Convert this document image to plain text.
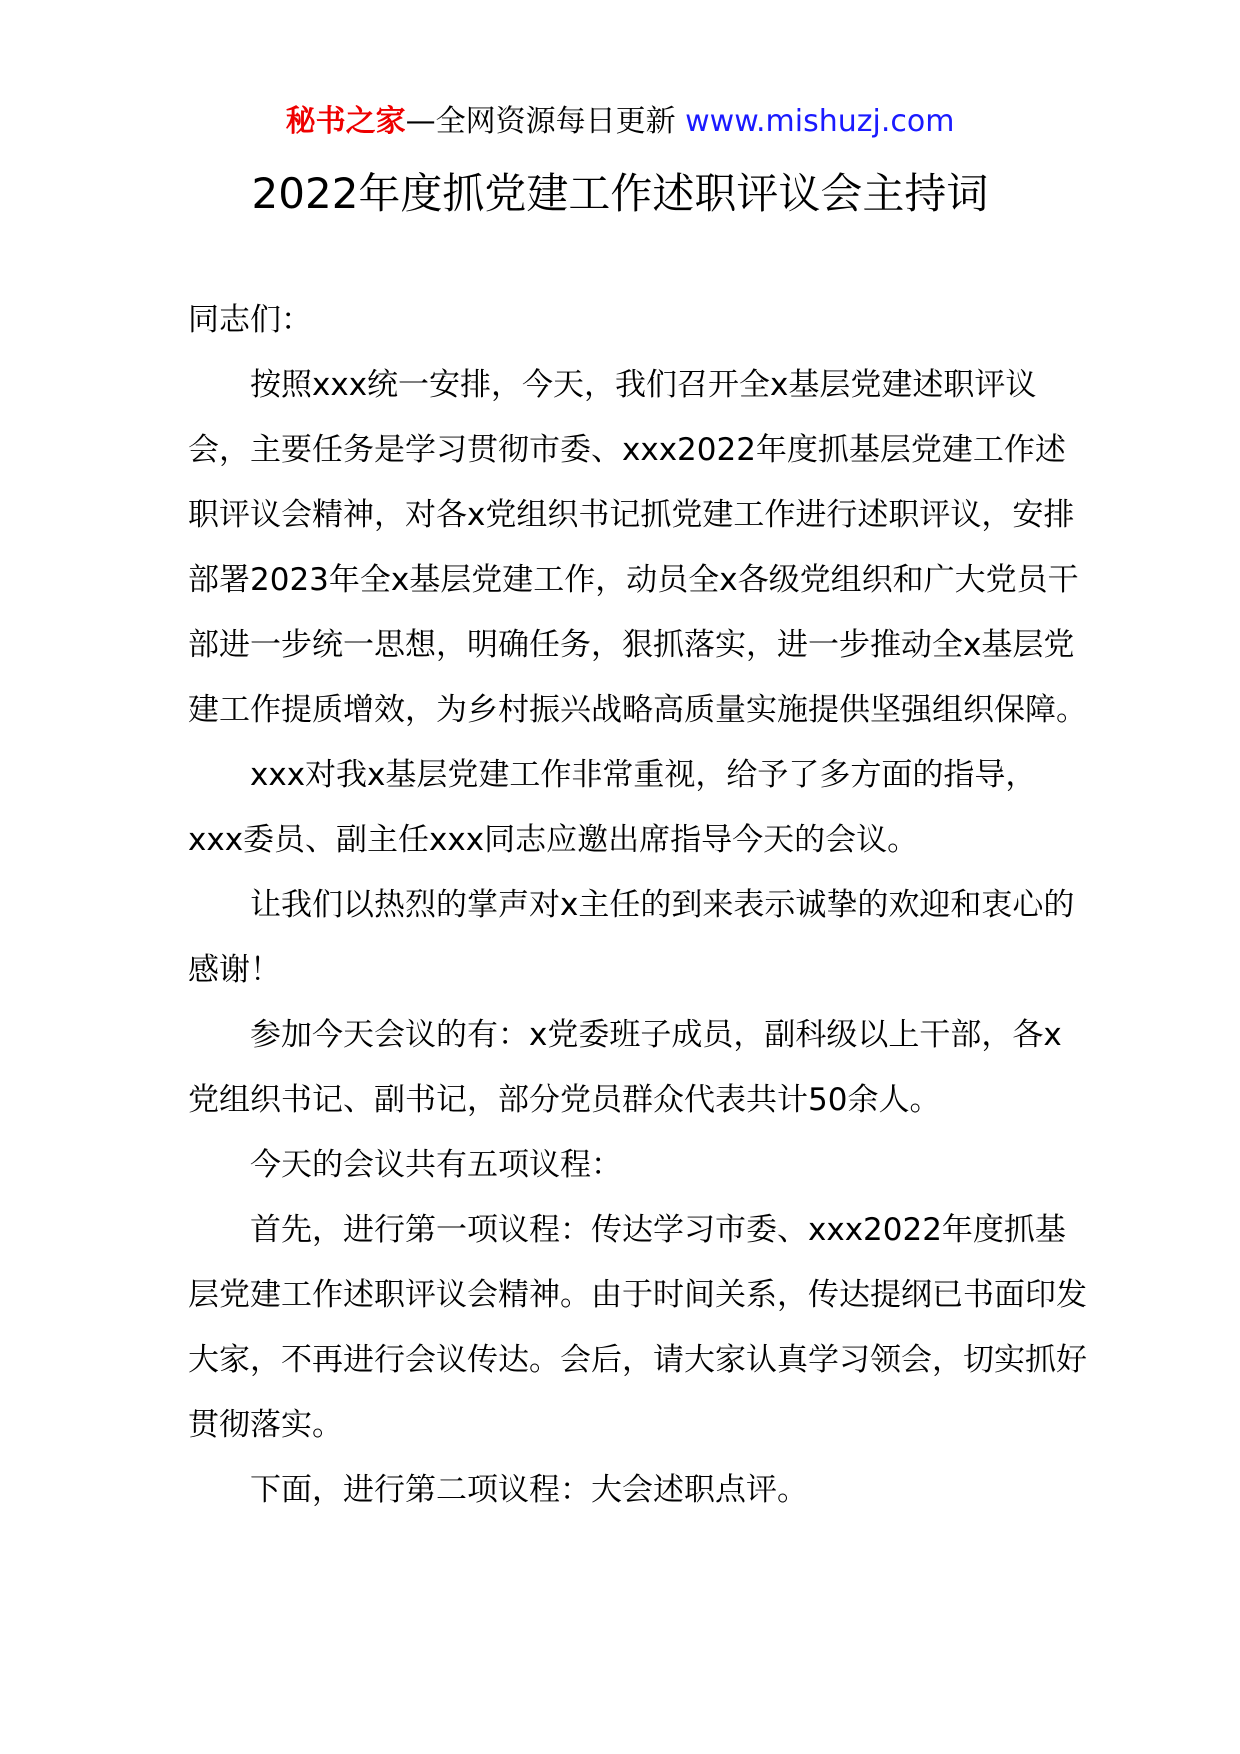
秘书之家—全网资源每日更新 www.mishuzj.com
2022年度抓党建工作述职评议会主持词

同志们：

按照xxx统一安排，今天，我们召开全x基层党建述职评议会，主要任务是学习贯彻市委、xxx2022年度抓基层党建工作述职评议会精神，对各x党组织书记抓党建工作进行述职评议，安排部署2023年全x基层党建工作，动员全x各级党组织和广大党员干部进一步统一思想，明确任务，狠抓落实，进一步推动全x基层党建工作提质增效，为乡村振兴战略高质量实施提供坚强组织保障。

xxx对我x基层党建工作非常重视，给予了多方面的指导，xxx委员、副主任xxx同志应邀出席指导今天的会议。

让我们以热烈的掌声对x主任的到来表示诚挚的欢迎和衷心的感谢！

参加今天会议的有：x党委班子成员，副科级以上干部，各x党组织书记、副书记，部分党员群众代表共计50余人。

今天的会议共有五项议程：

首先，进行第一项议程：传达学习市委、xxx2022年度抓基层党建工作述职评议会精神。由于时间关系，传达提纲已书面印发大家，不再进行会议传达。会后，请大家认真学习领会，切实抓好贯彻落实。

下面，进行第二项议程：大会述职点评。
